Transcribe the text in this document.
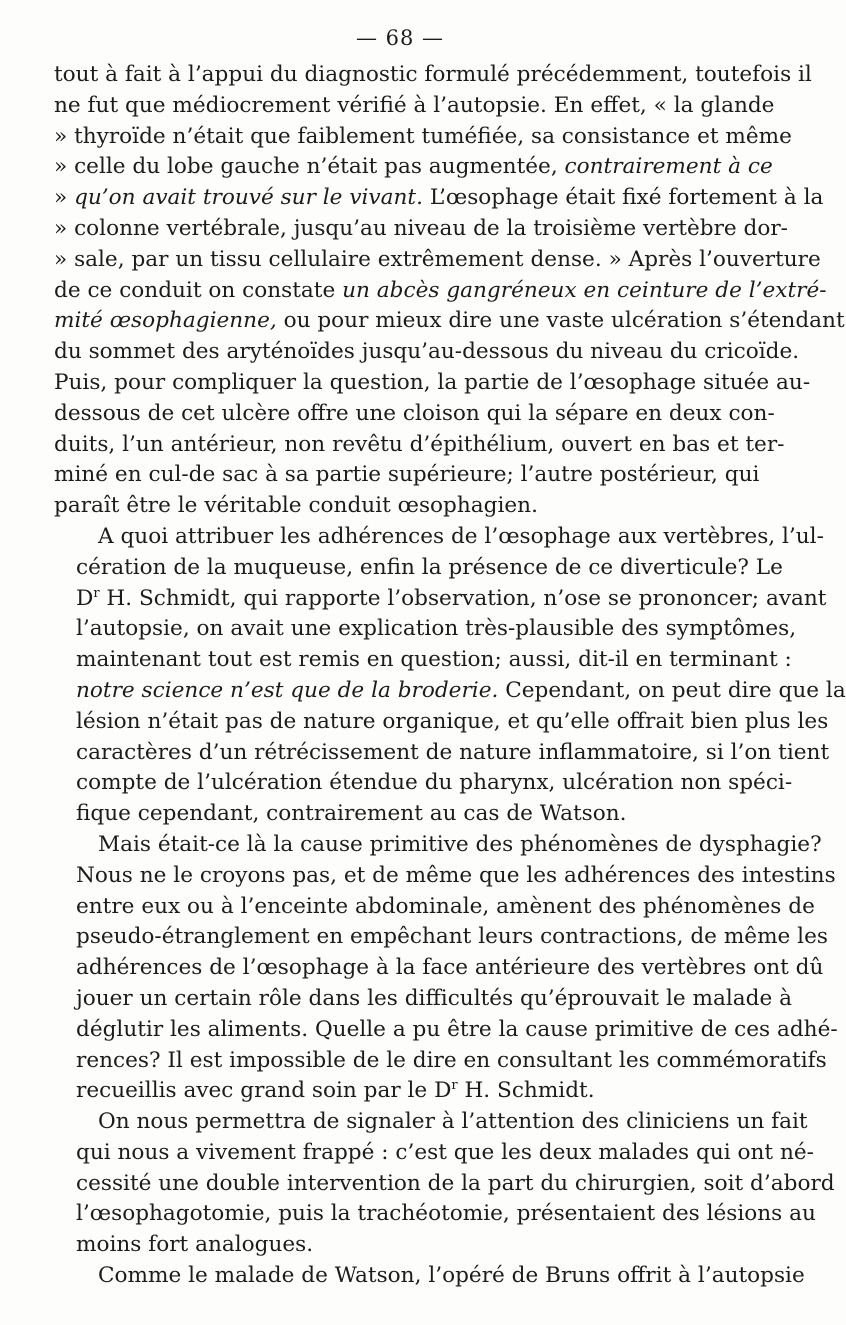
— 68 —
tout à fait à l’appui du diagnostic formulé précédemment, toutefois il
ne fut que médiocrement vérifié à l’autopsie. En effet, « la glande
» thyroïde n’était que faiblement tuméfiée, sa consistance et même
» celle du lobe gauche n’était pas augmentée, contrairement à ce
» qu’on avait trouvé sur le vivant. L’œsophage était fixé fortement à la
» colonne vertébrale, jusqu’au niveau de la troisième vertèbre dor-
» sale, par un tissu cellulaire extrêmement dense. » Après l’ouverture
de ce conduit on constate un abcès gangréneux en ceinture de l’extré-
mité œsophagienne, ou pour mieux dire une vaste ulcération s’étendant
du sommet des aryténoïdes jusqu’au-dessous du niveau du cricoïde.
Puis, pour compliquer la question, la partie de l’œsophage située au-
dessous de cet ulcère offre une cloison qui la sépare en deux con-
duits, l’un antérieur, non revêtu d’épithélium, ouvert en bas et ter-
miné en cul-de sac à sa partie supérieure; l’autre postérieur, qui
paraît être le véritable conduit œsophagien.
A quoi attribuer les adhérences de l’œsophage aux vertèbres, l’ul-
cération de la muqueuse, enfin la présence de ce diverticule? Le
$D^r$ H. Schmidt, qui rapporte l’observation, n’ose se prononcer; avant
l’autopsie, on avait une explication très-plausible des symptômes,
maintenant tout est remis en question; aussi, dit-il en terminant :
notre science n’est que de la broderie. Cependant, on peut dire que la
lésion n’était pas de nature organique, et qu’elle offrait bien plus les
caractères d’un rétrécissement de nature inflammatoire, si l’on tient
compte de l’ulcération étendue du pharynx, ulcération non spéci-
fique cependant, contrairement au cas de Watson.
Mais était-ce là la cause primitive des phénomènes de dysphagie?
Nous ne le croyons pas, et de même que les adhérences des intestins
entre eux ou à l’enceinte abdominale, amènent des phénomènes de
pseudo-étranglement en empêchant leurs contractions, de même les
adhérences de l’œsophage à la face antérieure des vertèbres ont dû
jouer un certain rôle dans les difficultés qu’éprouvait le malade à
déglutir les aliments. Quelle a pu être la cause primitive de ces adhé-
rences? Il est impossible de le dire en consultant les commémoratifs
recueillis avec grand soin par le $D^r$ H. Schmidt.
On nous permettra de signaler à l’attention des cliniciens un fait
qui nous a vivement frappé : c’est que les deux malades qui ont né-
cessité une double intervention de la part du chirurgien, soit d’abord
l’œsophagotomie, puis la trachéotomie, présentaient des lésions au
moins fort analogues.
Comme le malade de Watson, l’opéré de Bruns offrit à l’autopsie
